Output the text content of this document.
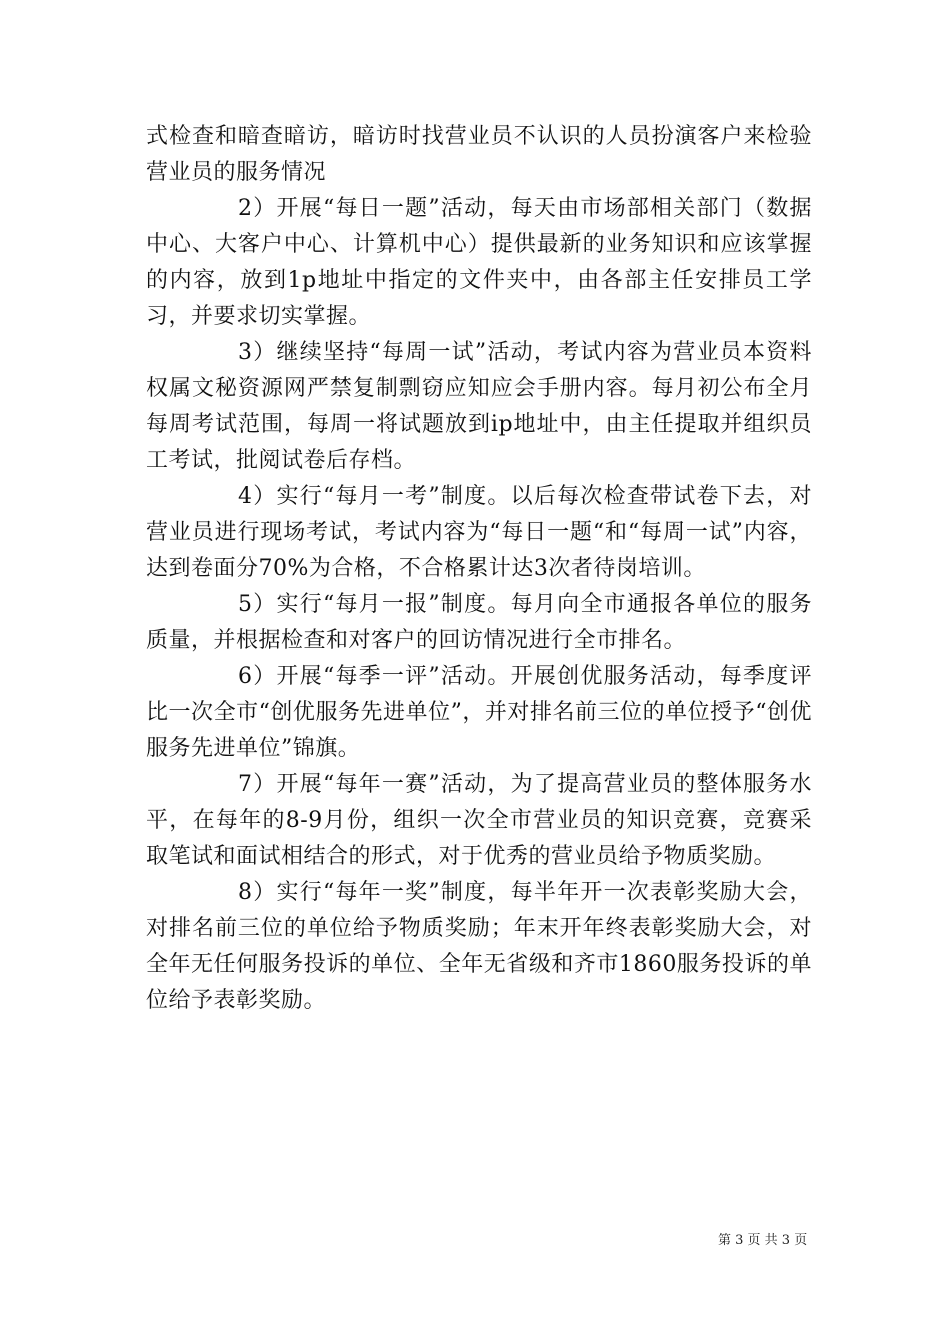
式检查和暗查暗访，暗访时找营业员不认识的人员扮演客户来检验营业员的服务情况

2）开展“每日一题”活动，每天由市场部相关部门（数据中心、大客户中心、计算机中心）提供最新的业务知识和应该掌握的内容，放到1p地址中指定的文件夹中，由各部主任安排员工学习，并要求切实掌握。

3）继续坚持“每周一试”活动，考试内容为营业员本资料权属文秘资源网严禁复制剽窃应知应会手册内容。每月初公布全月每周考试范围，每周一将试题放到ip地址中，由主任提取并组织员工考试，批阅试卷后存档。

4）实行“每月一考”制度。以后每次检查带试卷下去，对营业员进行现场考试，考试内容为“每日一题“和“每周一试”内容，达到卷面分70%为合格，不合格累计达3次者待岗培训。

5）实行“每月一报”制度。每月向全市通报各单位的服务质量，并根据检查和对客户的回访情况进行全市排名。

6）开展“每季一评”活动。开展创优服务活动，每季度评比一次全市“创优服务先进单位”，并对排名前三位的单位授予“创优服务先进单位”锦旗。

7）开展“每年一赛”活动，为了提高营业员的整体服务水平，在每年的8-9月份，组织一次全市营业员的知识竞赛，竞赛采取笔试和面试相结合的形式，对于优秀的营业员给予物质奖励。

8）实行“每年一奖”制度，每半年开一次表彰奖励大会，对排名前三位的单位给予物质奖励；年末开年终表彰奖励大会，对全年无任何服务投诉的单位、全年无省级和齐市1860服务投诉的单位给予表彰奖励。

第 3 页 共 3 页
